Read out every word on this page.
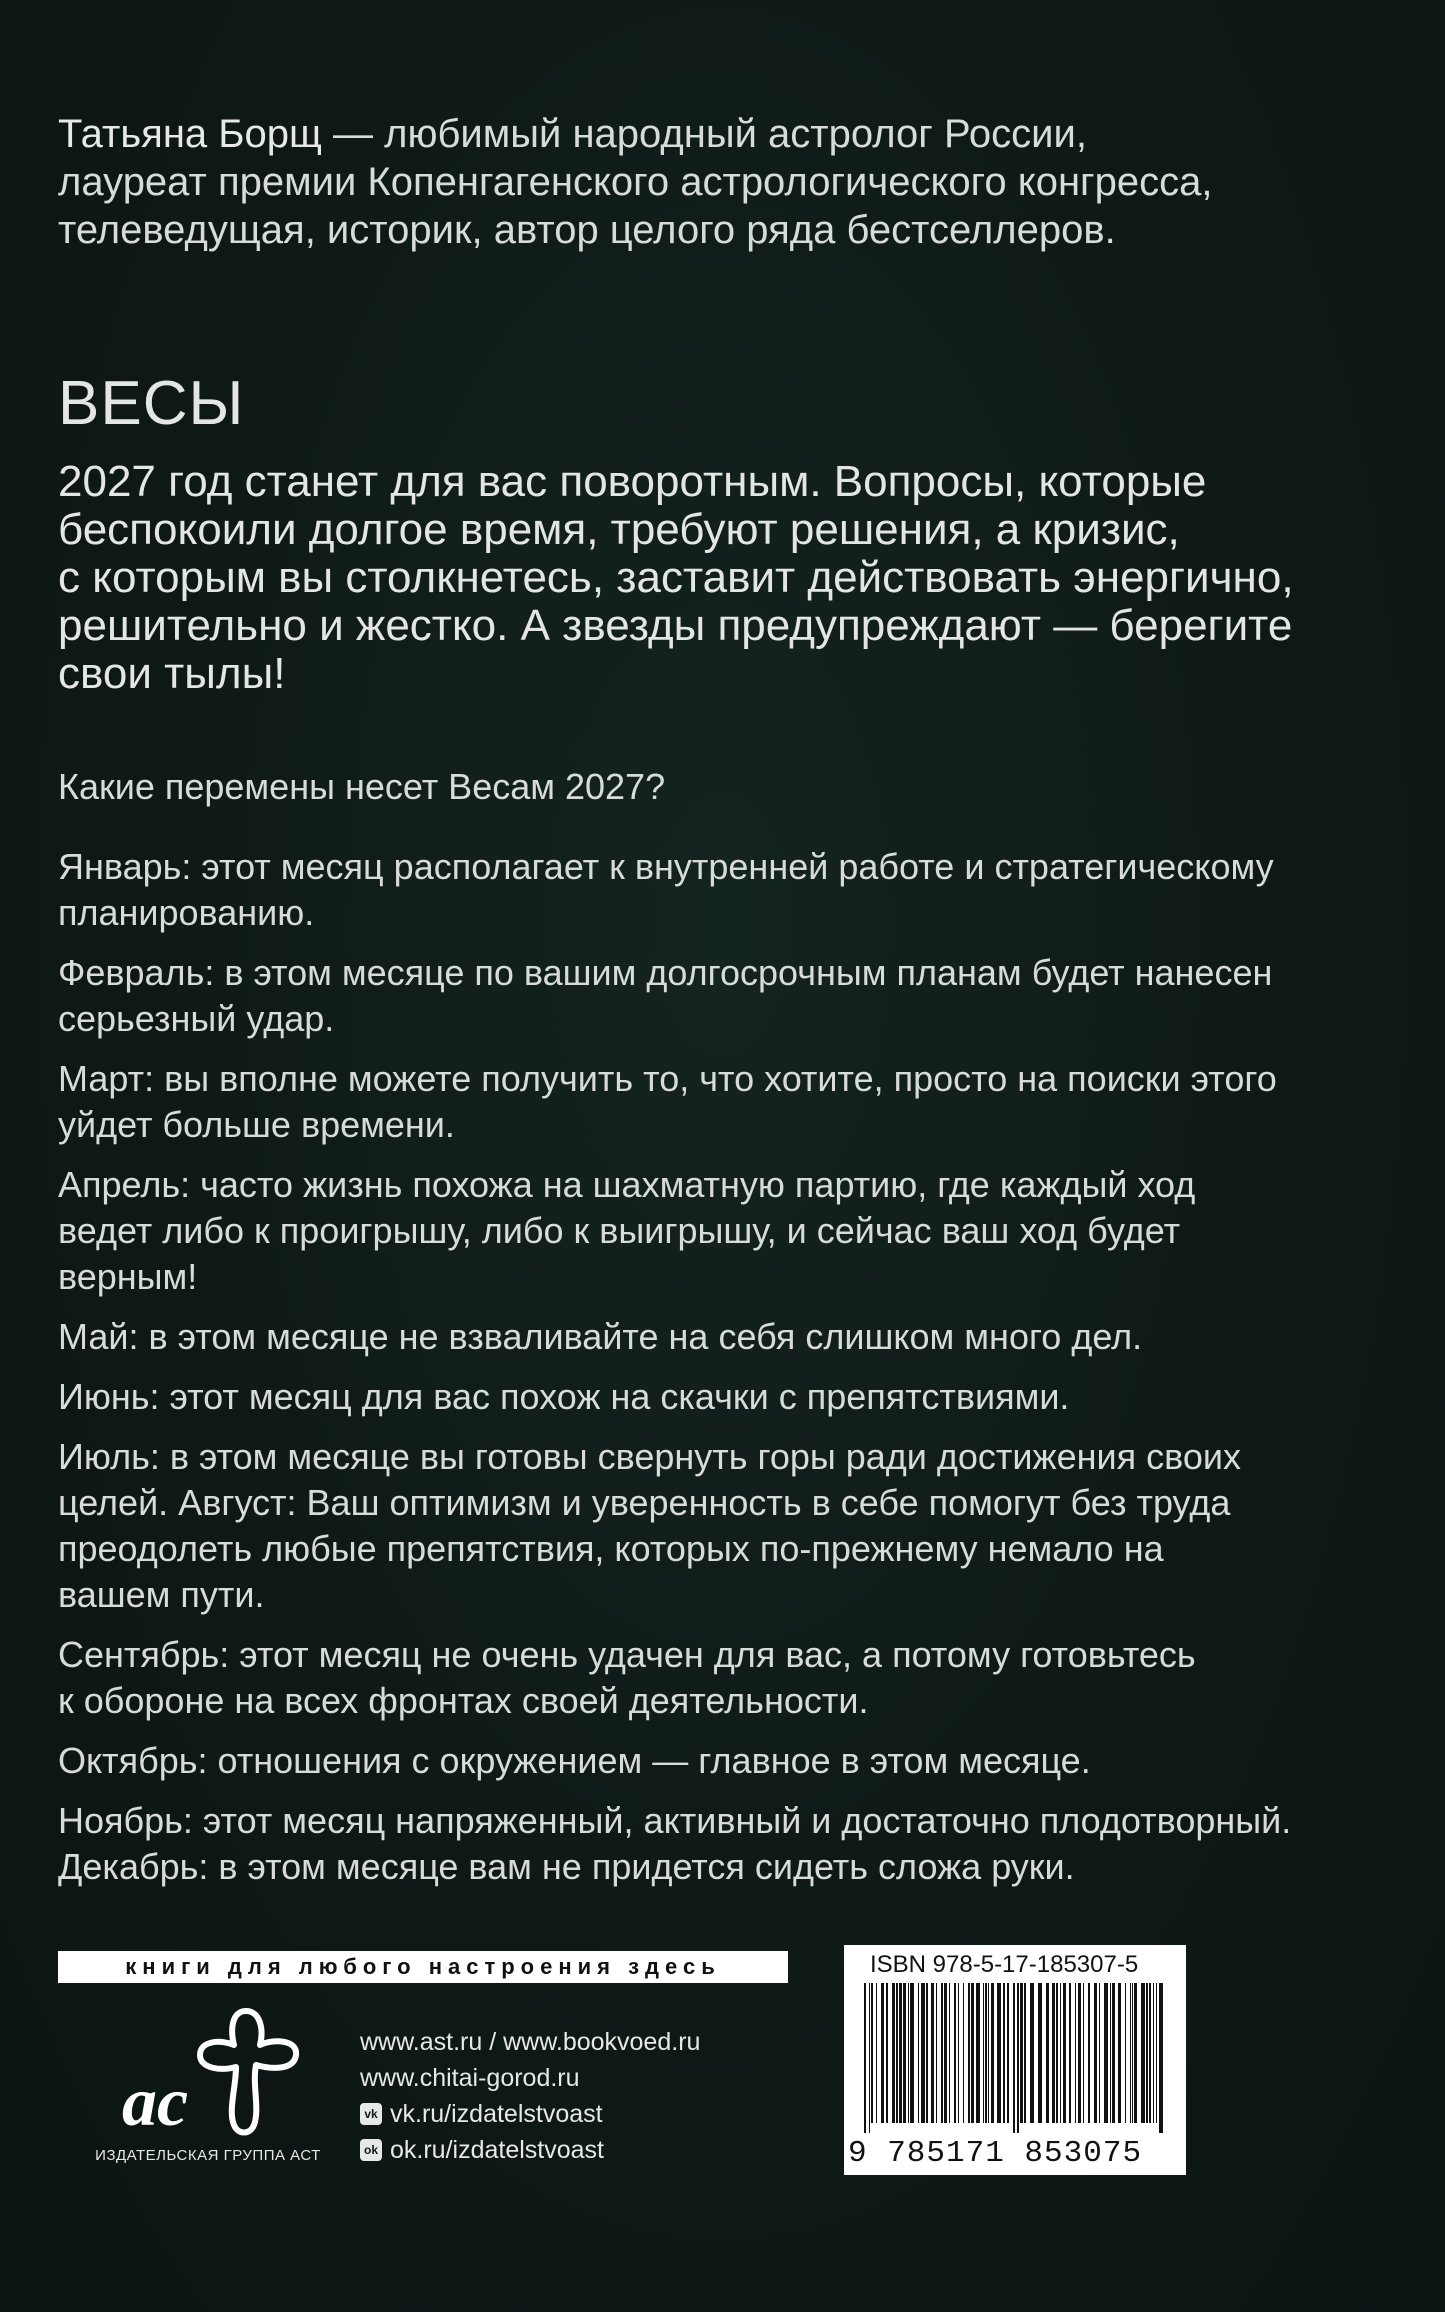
Татьяна Борщ — любимый народный астролог России,

лауреат премии Копенгагенского астрологического конгресса,

телеведущая, историк, автор целого ряда бестселлеров.

ВЕСЫ

2027 год станет для вас поворотным. Вопросы, которые

беспокоили долгое время, требуют решения, а кризис,

с которым вы столкнетесь, заставит действовать энергично,

решительно и жестко. А звезды предупреждают — берегите

свои тылы!

Какие перемены несет Весам 2027?

Январь: этот месяц располагает к внутренней работе и стратегическому
планированию.

Февраль: в этом месяце по вашим долгосрочным планам будет нанесен
серьезный удар.

Март: вы вполне можете получить то, что хотите, просто на поиски этого
уйдет больше времени.

Апрель: часто жизнь похожа на шахматную партию, где каждый ход
ведет либо к проигрышу, либо к выигрышу, и сейчас ваш ход будет
верным!

Май: в этом месяце не взваливайте на себя слишком много дел.

Июнь: этот месяц для вас похож на скачки с препятствиями.

Июль: в этом месяце вы готовы свернуть горы ради достижения своих
целей. Август: Ваш оптимизм и уверенность в себе помогут без труда
преодолеть любые препятствия, которых по-прежнему немало на
вашем пути.

Сентябрь: этот месяц не очень удачен для вас, а потому готовьтесь
к обороне на всех фронтах своей деятельности.

Октябрь: отношения с окружением — главное в этом месяце.

Ноябрь: этот месяц напряженный, активный и достаточно плодотворный.

Декабрь: в этом месяце вам не придется сидеть сложа руки.

книги для любого настроения здесь
ас
ИЗДАТЕЛЬСКАЯ ГРУППА АСТ
www.ast.ru / www.bookvoed.ru
www.chitai-gorod.ru
vk vk.ru/izdatelstvoast
ok ok.ru/izdatelstvoast
ISBN 978-5-17-185307-5
9 785171 853075
